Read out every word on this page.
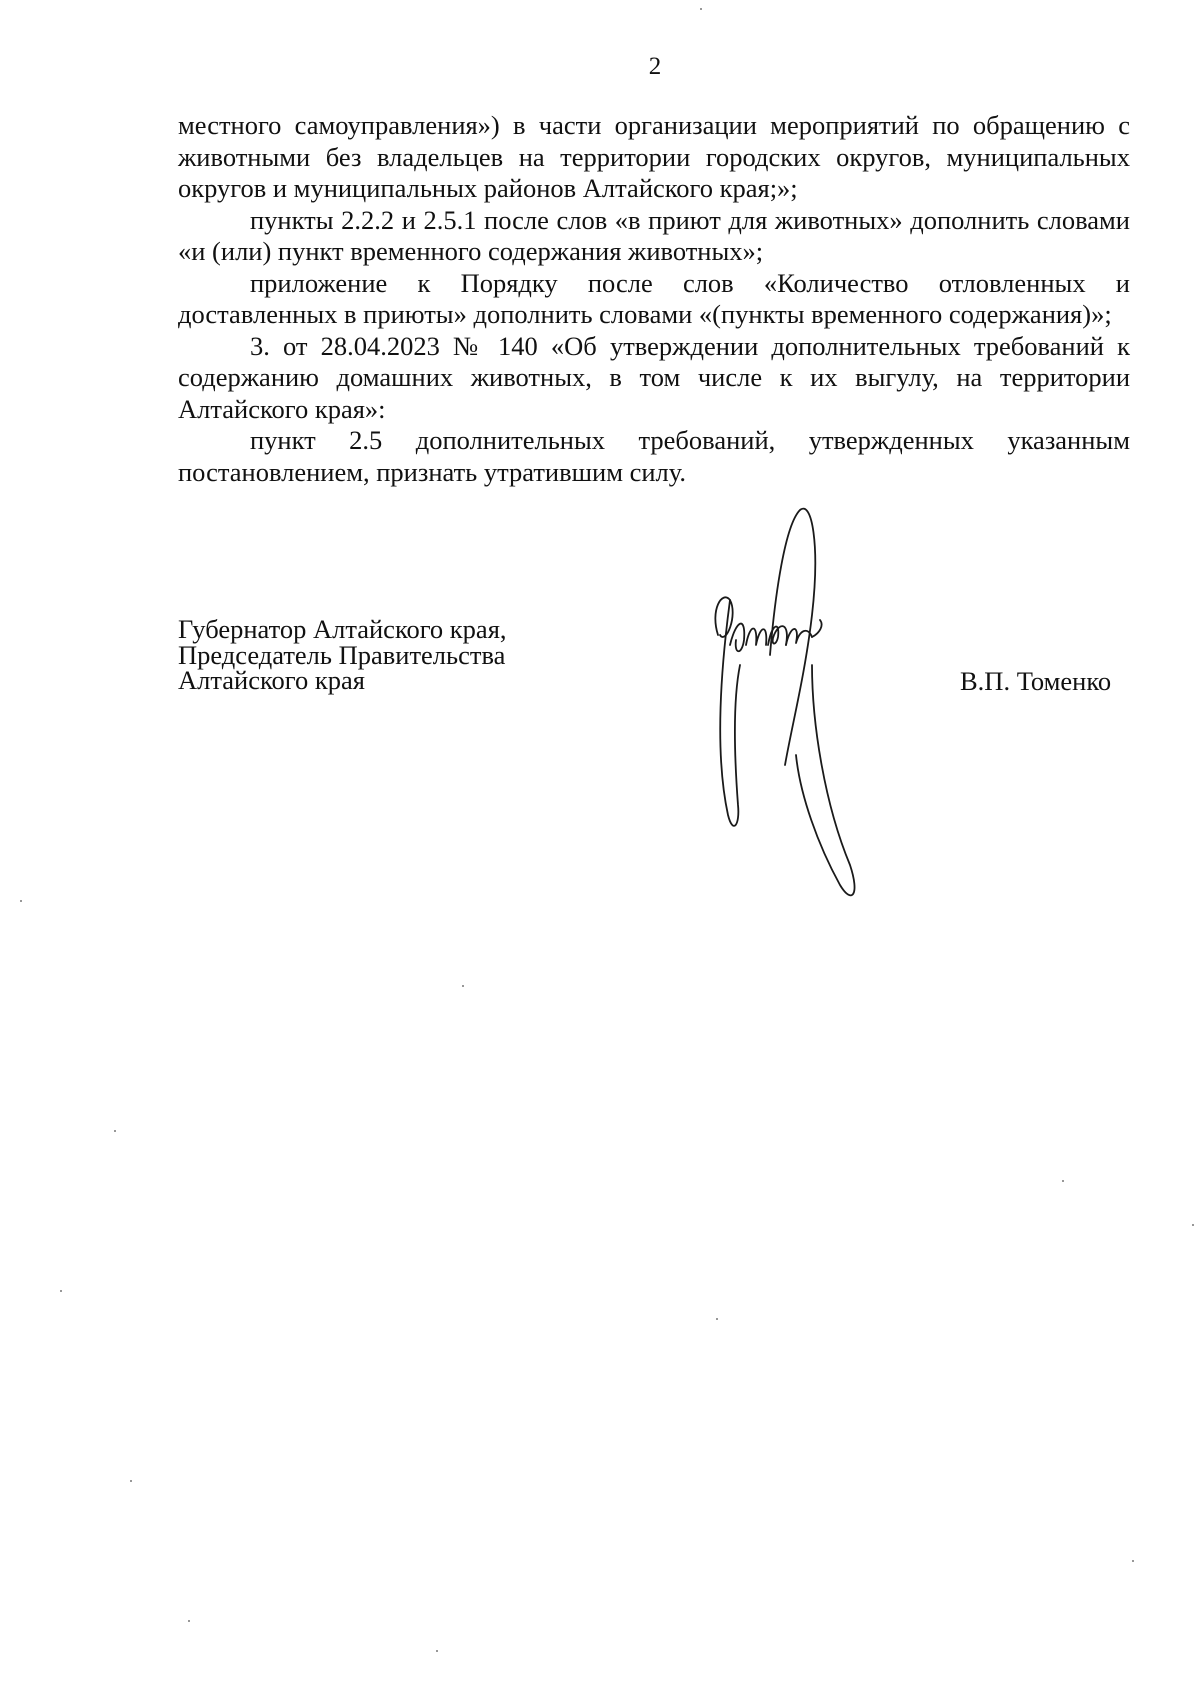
2

местного самоуправления») в части организации мероприятий по обращению с животными без владельцев на территории городских округов, муниципальных округов и муниципальных районов Алтайского края;»;

пункты 2.2.2 и 2.5.1 после слов «в приют для животных» дополнить словами «и (или) пункт временного содержания животных»;

приложение к Порядку после слов «Количество отловленных и доставленных в приюты» дополнить словами «(пункты временного содержания)»;

3. от 28.04.2023 № 140 «Об утверждении дополнительных требований к содержанию домашних животных, в том числе к их выгулу, на территории Алтайского края»:

пункт 2.5 дополнительных требований, утвержденных указанным постановлением, признать утратившим силу.

Губернатор Алтайского края,
Председатель Правительства
Алтайского края	В.П. Томенко
